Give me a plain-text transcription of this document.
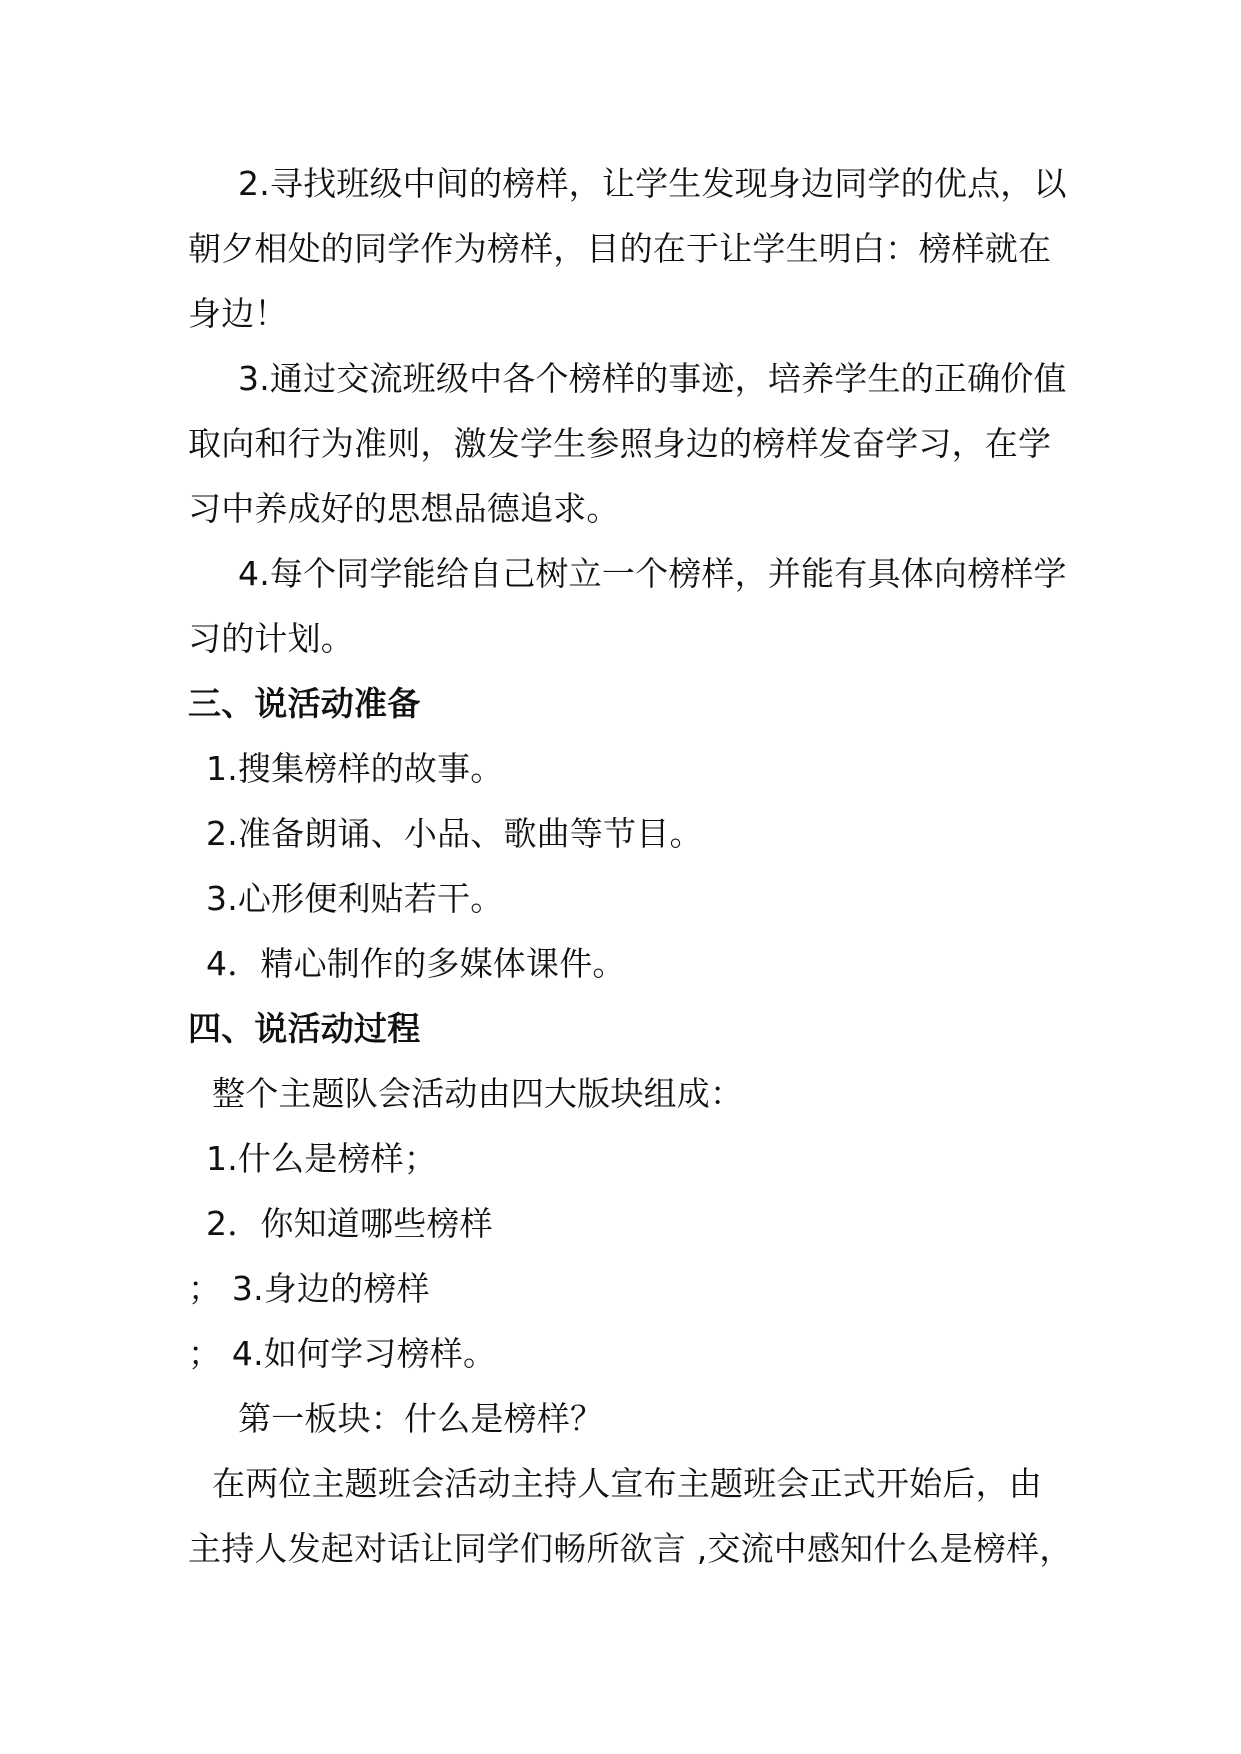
2.寻找班级中间的榜样，让学生发现身边同学的优点，以
朝夕相处的同学作为榜样，目的在于让学生明白：榜样就在
身边！
3.通过交流班级中各个榜样的事迹，培养学生的正确价值
取向和行为准则，激发学生参照身边的榜样发奋学习，在学
习中养成好的思想品德追求。
4.每个同学能给自己树立一个榜样，并能有具体向榜样学
习的计划。
三、说活动准备
1.搜集榜样的故事。
2.准备朗诵、小品、歌曲等节目。
3.心形便利贴若干。
4．精心制作的多媒体课件。
四、说活动过程
整个主题队会活动由四大版块组成：
1.什么是榜样；
2．你知道哪些榜样
； 3.身边的榜样
； 4.如何学习榜样。
第一板块：什么是榜样？
在两位主题班会活动主持人宣布主题班会正式开始后，由
主持人发起对话让同学们畅所欲言 ,交流中感知什么是榜样，
